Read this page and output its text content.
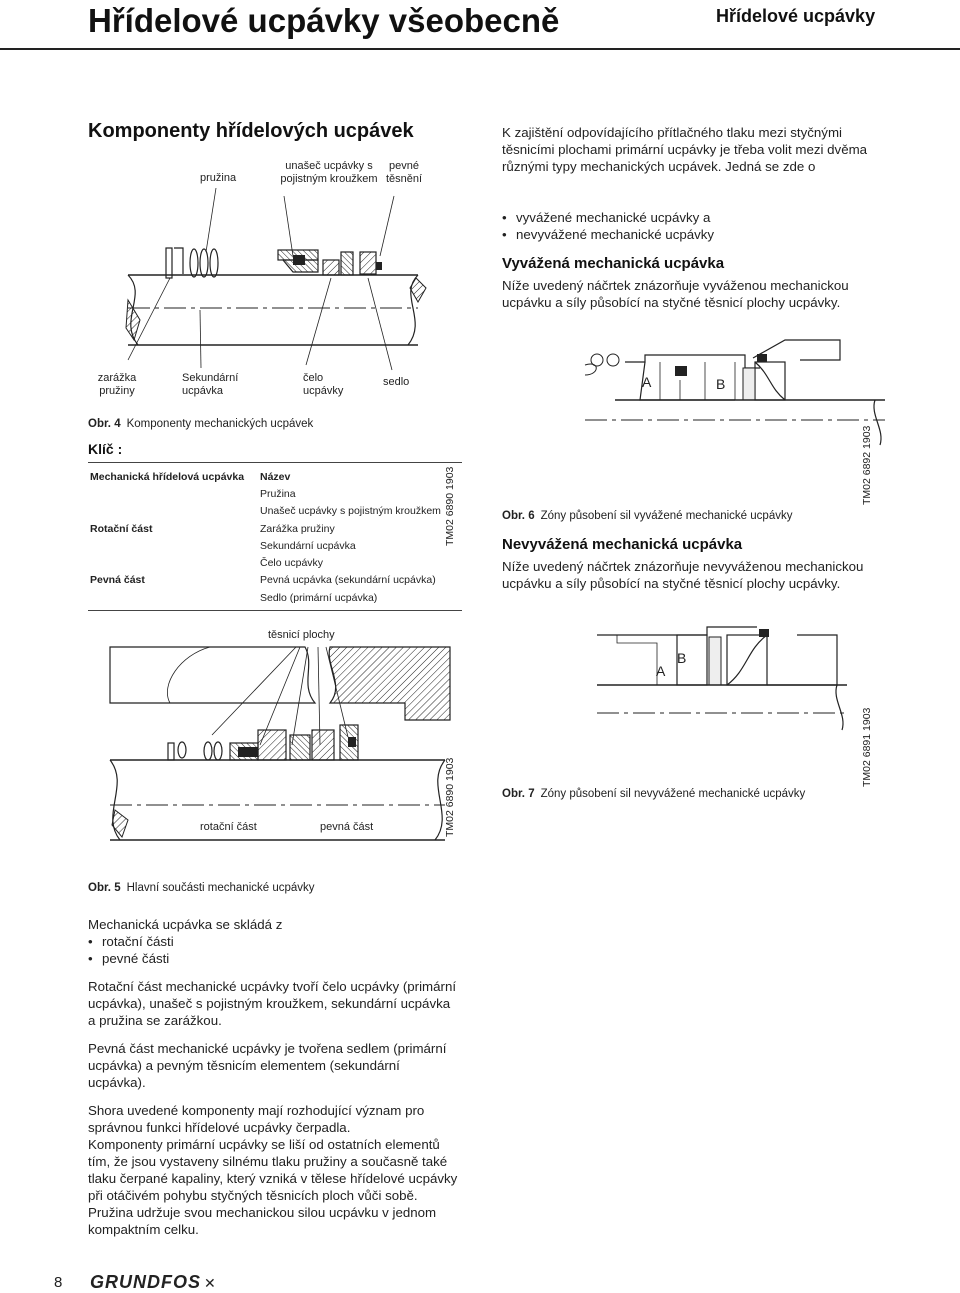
Hřídelové ucpávky všeobecně	Hřídelové ucpávky
Komponenty hřídelových ucpávek
pružina
unašeč ucpávky s pojistným kroužkem
pevné těsnění
zarážka pružiny
Sekundární ucpávka
čelo ucpávky
sedlo
TM02 6890 1903
Obr. 4 Komponenty mechanických ucpávek
Klíč :
Mechanická hřídelová ucpávka	Název
	Pružina
	Unašeč ucpávky s pojistným kroužkem
Rotační část	Zarážka pružiny
	Sekundární ucpávka
	Čelo ucpávky
Pevná část	Pevná ucpávka (sekundární ucpávka)
	Sedlo (primární ucpávka)
těsnicí plochy
rotační část	pevná část	TM02 6890 1903
Obr. 5 Hlavní součásti mechanické ucpávky
Mechanická ucpávka se skládá z
• rotační části
• pevné části
Rotační část mechanické ucpávky tvoří čelo ucpávky (primární ucpávka), unašeč s pojistným kroužkem, sekundární ucpávka a pružina se zarážkou.
Pevná část mechanické ucpávky je tvořena sedlem (primární ucpávka) a pevným těsnicím elementem (sekundární ucpávka).
Shora uvedené komponenty mají rozhodující význam pro správnou funkci hřídelové ucpávky čerpadla.
Komponenty primární ucpávky se liší od ostatních elementů tím, že jsou vystaveny silnému tlaku pružiny a současně také tlaku čerpané kapaliny, který vzniká v tělese hřídelové ucpávky při otáčivém pohybu styčných těsnicích ploch vůči sobě. Pružina udržuje svou mechanickou silou ucpávku v jednom kompaktním celku.
K zajištění odpovídajícího přítlačného tlaku mezi styčnými těsnicími plochami primární ucpávky je třeba volit mezi dvěma různými typy mechanických ucpávek. Jedná se zde o
• vyvážené mechanické ucpávky a
• nevyvážené mechanické ucpávky
Vyvážená mechanická ucpávka
Níže uvedený náčrtek znázorňuje vyváženou mechanickou ucpávku a síly působící na styčné těsnicí plochy ucpávky.
A	B
TM02 6892 1903
Obr. 6 Zóny působení sil vyvážené mechanické ucpávky
Nevyvážená mechanická ucpávka
Níže uvedený náčrtek znázorňuje nevyváženou mechanickou ucpávku a síly působící na styčné těsnicí plochy ucpávky.
A
B
TM02 6891 1903
Obr. 7 Zóny působení sil nevyvážené mechanické ucpávky
8 GRUNDFOS ✕
